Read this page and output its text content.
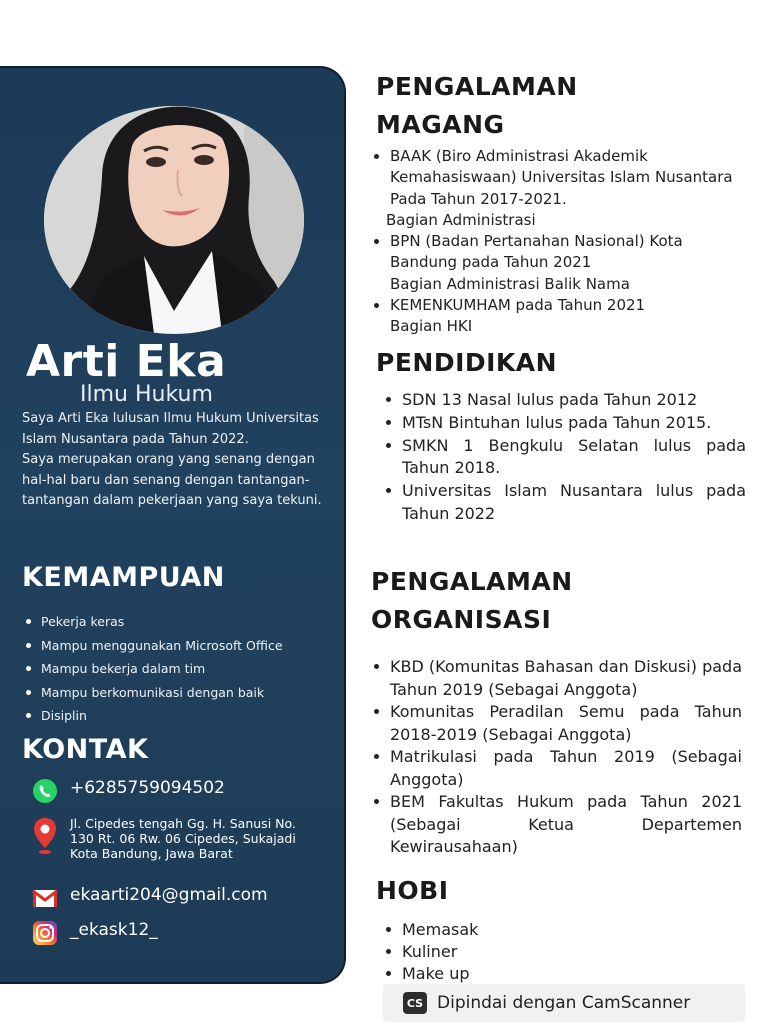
Arti Eka
Ilmu Hukum

Saya Arti Eka lulusan Ilmu Hukum Universitas Islam Nusantara pada Tahun 2022.

Saya merupakan orang yang senang dengan hal-hal baru dan senang dengan tantangan-tantangan dalam pekerjaan yang saya tekuni.

KEMAMPUAN
Pekerja keras
Mampu menggunakan Microsoft Office
Mampu bekerja dalam tim
Mampu berkomunikasi dengan baik
Disiplin
KONTAK
+6285759094502
Jl. Cipedes tengah Gg. H. Sanusi No. 130 Rt. 06 Rw. 06 Cipedes, Sukajadi Kota Bandung, Jawa Barat
ekaarti204@gmail.com
_ekask12_
PENGALAMAN MAGANG
BAAK (Biro Administrasi Akademik Kemahasiswaan) Universitas Islam Nusantara Pada Tahun 2017-2021.
Bagian Administrasi
BPN (Badan Pertanahan Nasional) Kota Bandung pada Tahun 2021
Bagian Administrasi Balik Nama
KEMENKUMHAM pada Tahun 2021
Bagian HKI
PENDIDIKAN
SDN 13 Nasal lulus pada Tahun 2012
MTsN Bintuhan lulus pada Tahun 2015.
SMKN 1 Bengkulu Selatan lulus pada Tahun 2018.
Universitas Islam Nusantara lulus pada Tahun 2022
PENGALAMAN ORGANISASI
KBD (Komunitas Bahasan dan Diskusi) pada Tahun 2019 (Sebagai Anggota)
Komunitas Peradilan Semu pada Tahun 2018-2019 (Sebagai Anggota)
Matrikulasi pada Tahun 2019 (Sebagai Anggota)
BEM Fakultas Hukum pada Tahun 2021 (Sebagai Ketua Departemen Kewirausahaan)
HOBI
Memasak
Kuliner
Make up
CS Dipindai dengan CamScanner
